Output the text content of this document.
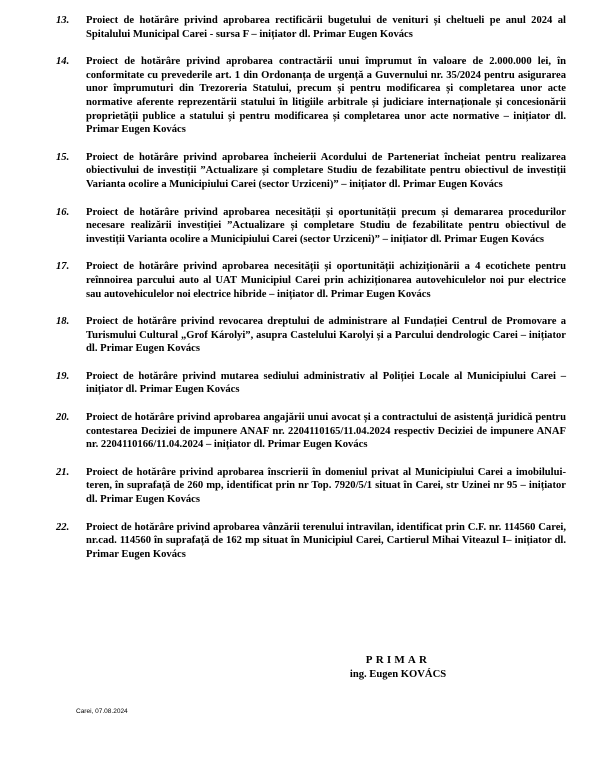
13. Proiect de hotărâre privind aprobarea rectificării bugetului de venituri și cheltueli pe anul 2024 al Spitalului Municipal Carei - sursa F – inițiator dl. Primar Eugen Kovács
14. Proiect de hotărâre privind aprobarea contractării unui împrumut în valoare de 2.000.000 lei, în conformitate cu prevederile art. 1 din Ordonanța de urgență a Guvernului nr. 35/2024 pentru asigurarea unor împrumuturi din Trezoreria Statului, precum și pentru modificarea și completarea unor acte normative aferente reprezentării statului în litigiile arbitrale și judiciare internaționale și concesionării proprietății publice a statului și pentru modificarea și completarea unor acte normative – inițiator dl. Primar Eugen Kovács
15. Proiect de hotărâre privind aprobarea încheierii Acordului de Parteneriat încheiat pentru realizarea obiectivului de investiții ”Actualizare și completare Studiu de fezabilitate pentru obiectivul de investiții Varianta ocolire a Municipiului Carei (sector Urziceni)” – inițiator dl. Primar Eugen Kovács
16. Proiect de hotărâre privind aprobarea necesității și oportunității precum și demararea procedurilor necesare realizării investiției ”Actualizare și completare Studiu de fezabilitate pentru obiectivul de investiții Varianta ocolire a Municipiului Carei (sector Urziceni)” – inițiator dl. Primar Eugen Kovács
17. Proiect de hotărâre privind aprobarea necesității și oportunității achiziționării a 4 ecotichete pentru reînnoirea parcului auto al UAT Municipiul Carei prin achiziționarea autovehiculelor noi pur electrice sau autovehiculelor noi electrice hibride – inițiator dl. Primar Eugen Kovács
18. Proiect de hotărâre privind revocarea dreptului de administrare al Fundației Centrul de Promovare a Turismului Cultural „Grof Károlyi”, asupra Castelului Karolyi și a Parcului dendrologic Carei – inițiator dl. Primar Eugen Kovács
19. Proiect de hotărâre privind mutarea sediului administrativ al Poliției Locale al Municipiului Carei – inițiator dl. Primar Eugen Kovács
20. Proiect de hotărâre privind aprobarea angajării unui avocat și a contractului de asistență juridică pentru contestarea Deciziei de impunere ANAF nr. 2204110165/11.04.2024 respectiv Deciziei de impunere ANAF nr. 2204110166/11.04.2024 – inițiator dl. Primar Eugen Kovács
21. Proiect de hotărâre privind aprobarea înscrierii în domeniul privat al Municipiului Carei a imobilului-teren, în suprafață de 260 mp, identificat prin nr Top. 7920/5/1 situat în Carei, str Uzinei nr 95 – inițiator dl. Primar Eugen Kovács
22. Proiect de hotărâre privind aprobarea vânzării terenului intravilan, identificat prin C.F. nr. 114560 Carei, nr.cad. 114560 în suprafață de 162 mp situat în Municipiul Carei, Cartierul Mihai Viteazul I– inițiator dl. Primar Eugen Kovács
PRIMAR
ing. Eugen KOVÁCS
Carei, 07.08.2024
